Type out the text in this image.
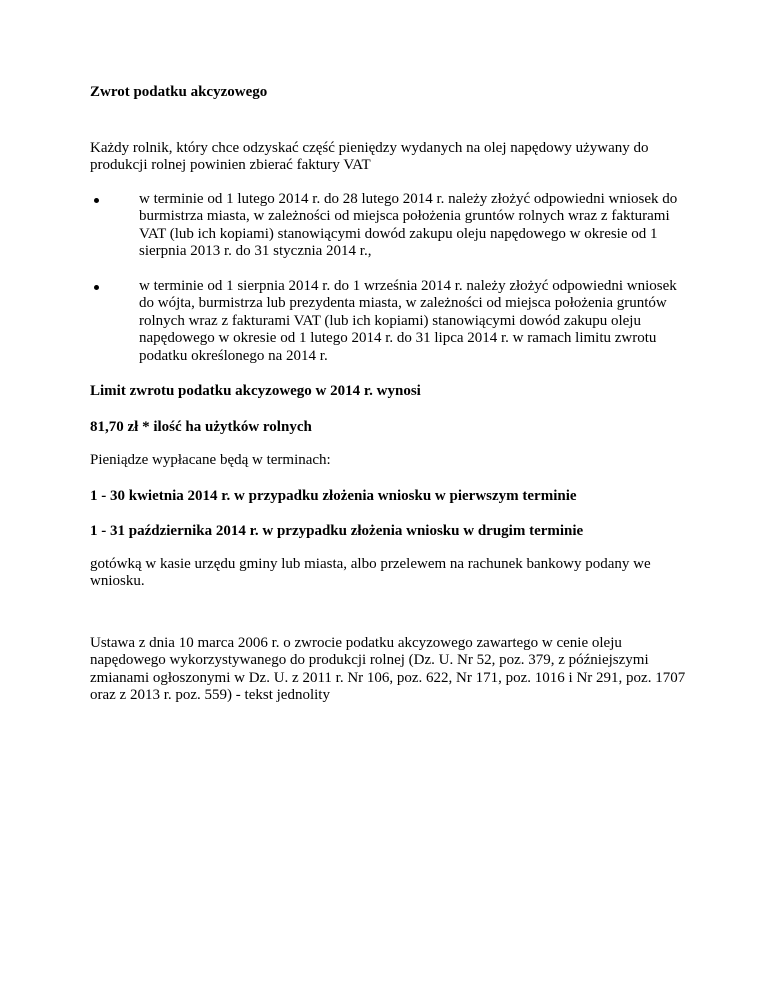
Zwrot podatku akcyzowego

Każdy rolnik, który chce odzyskać część pieniędzy wydanych na olej napędowy używany do produkcji rolnej powinien zbierać faktury VAT

w terminie od 1 lutego 2014 r. do 28 lutego 2014 r. należy złożyć odpowiedni wniosek do burmistrza miasta, w zależności od miejsca położenia gruntów rolnych wraz z fakturami VAT (lub ich kopiami) stanowiącymi dowód zakupu oleju napędowego w okresie od 1 sierpnia 2013 r. do 31 stycznia 2014 r.,
w terminie od 1 sierpnia 2014 r. do 1 września 2014 r. należy złożyć odpowiedni wniosek do wójta, burmistrza lub prezydenta miasta, w zależności od miejsca położenia gruntów rolnych wraz z fakturami VAT (lub ich kopiami) stanowiącymi dowód zakupu oleju napędowego w okresie od 1 lutego 2014 r. do 31 lipca 2014 r. w ramach limitu zwrotu podatku określonego na 2014 r.

Limit zwrotu podatku akcyzowego w 2014 r. wynosi

81,70 zł * ilość ha użytków rolnych

Pieniądze wypłacane będą w terminach:

1 - 30 kwietnia 2014 r. w przypadku złożenia wniosku w pierwszym terminie

1 - 31 października 2014 r. w przypadku złożenia wniosku w drugim terminie

gotówką w kasie urzędu gminy lub miasta, albo przelewem na rachunek bankowy podany we wniosku.

Ustawa z dnia 10 marca 2006 r. o zwrocie podatku akcyzowego zawartego w cenie oleju napędowego wykorzystywanego do produkcji rolnej (Dz. U. Nr 52, poz. 379, z późniejszymi zmianami ogłoszonymi w Dz. U. z 2011 r. Nr 106, poz. 622, Nr 171, poz. 1016 i Nr 291, poz. 1707 oraz z 2013 r. poz. 559) - tekst jednolity
